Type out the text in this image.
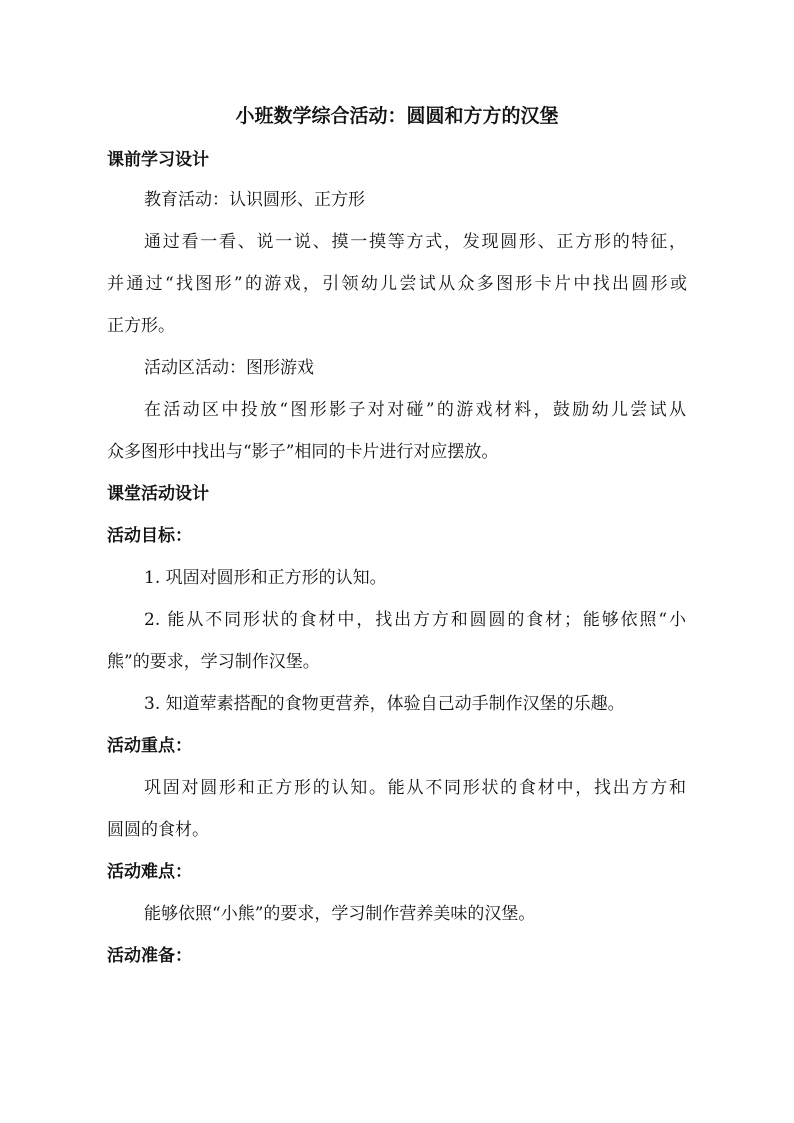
小班数学综合活动：圆圆和方方的汉堡
课前学习设计
教育活动：认识圆形、正方形
通过看一看、说一说、摸一摸等方式，发现圆形、正方形的特征，
并通过“找图形”的游戏，引领幼儿尝试从众多图形卡片中找出圆形或
正方形。
活动区活动：图形游戏
在活动区中投放“图形影子对对碰”的游戏材料，鼓励幼儿尝试从
众多图形中找出与“影子”相同的卡片进行对应摆放。
课堂活动设计
活动目标：
1. 巩固对圆形和正方形的认知。
2. 能从不同形状的食材中，找出方方和圆圆的食材；能够依照“小
熊”的要求，学习制作汉堡。
3. 知道荤素搭配的食物更营养，体验自己动手制作汉堡的乐趣。
活动重点：
巩固对圆形和正方形的认知。能从不同形状的食材中，找出方方和
圆圆的食材。
活动难点：
能够依照“小熊”的要求，学习制作营养美味的汉堡。
活动准备：
